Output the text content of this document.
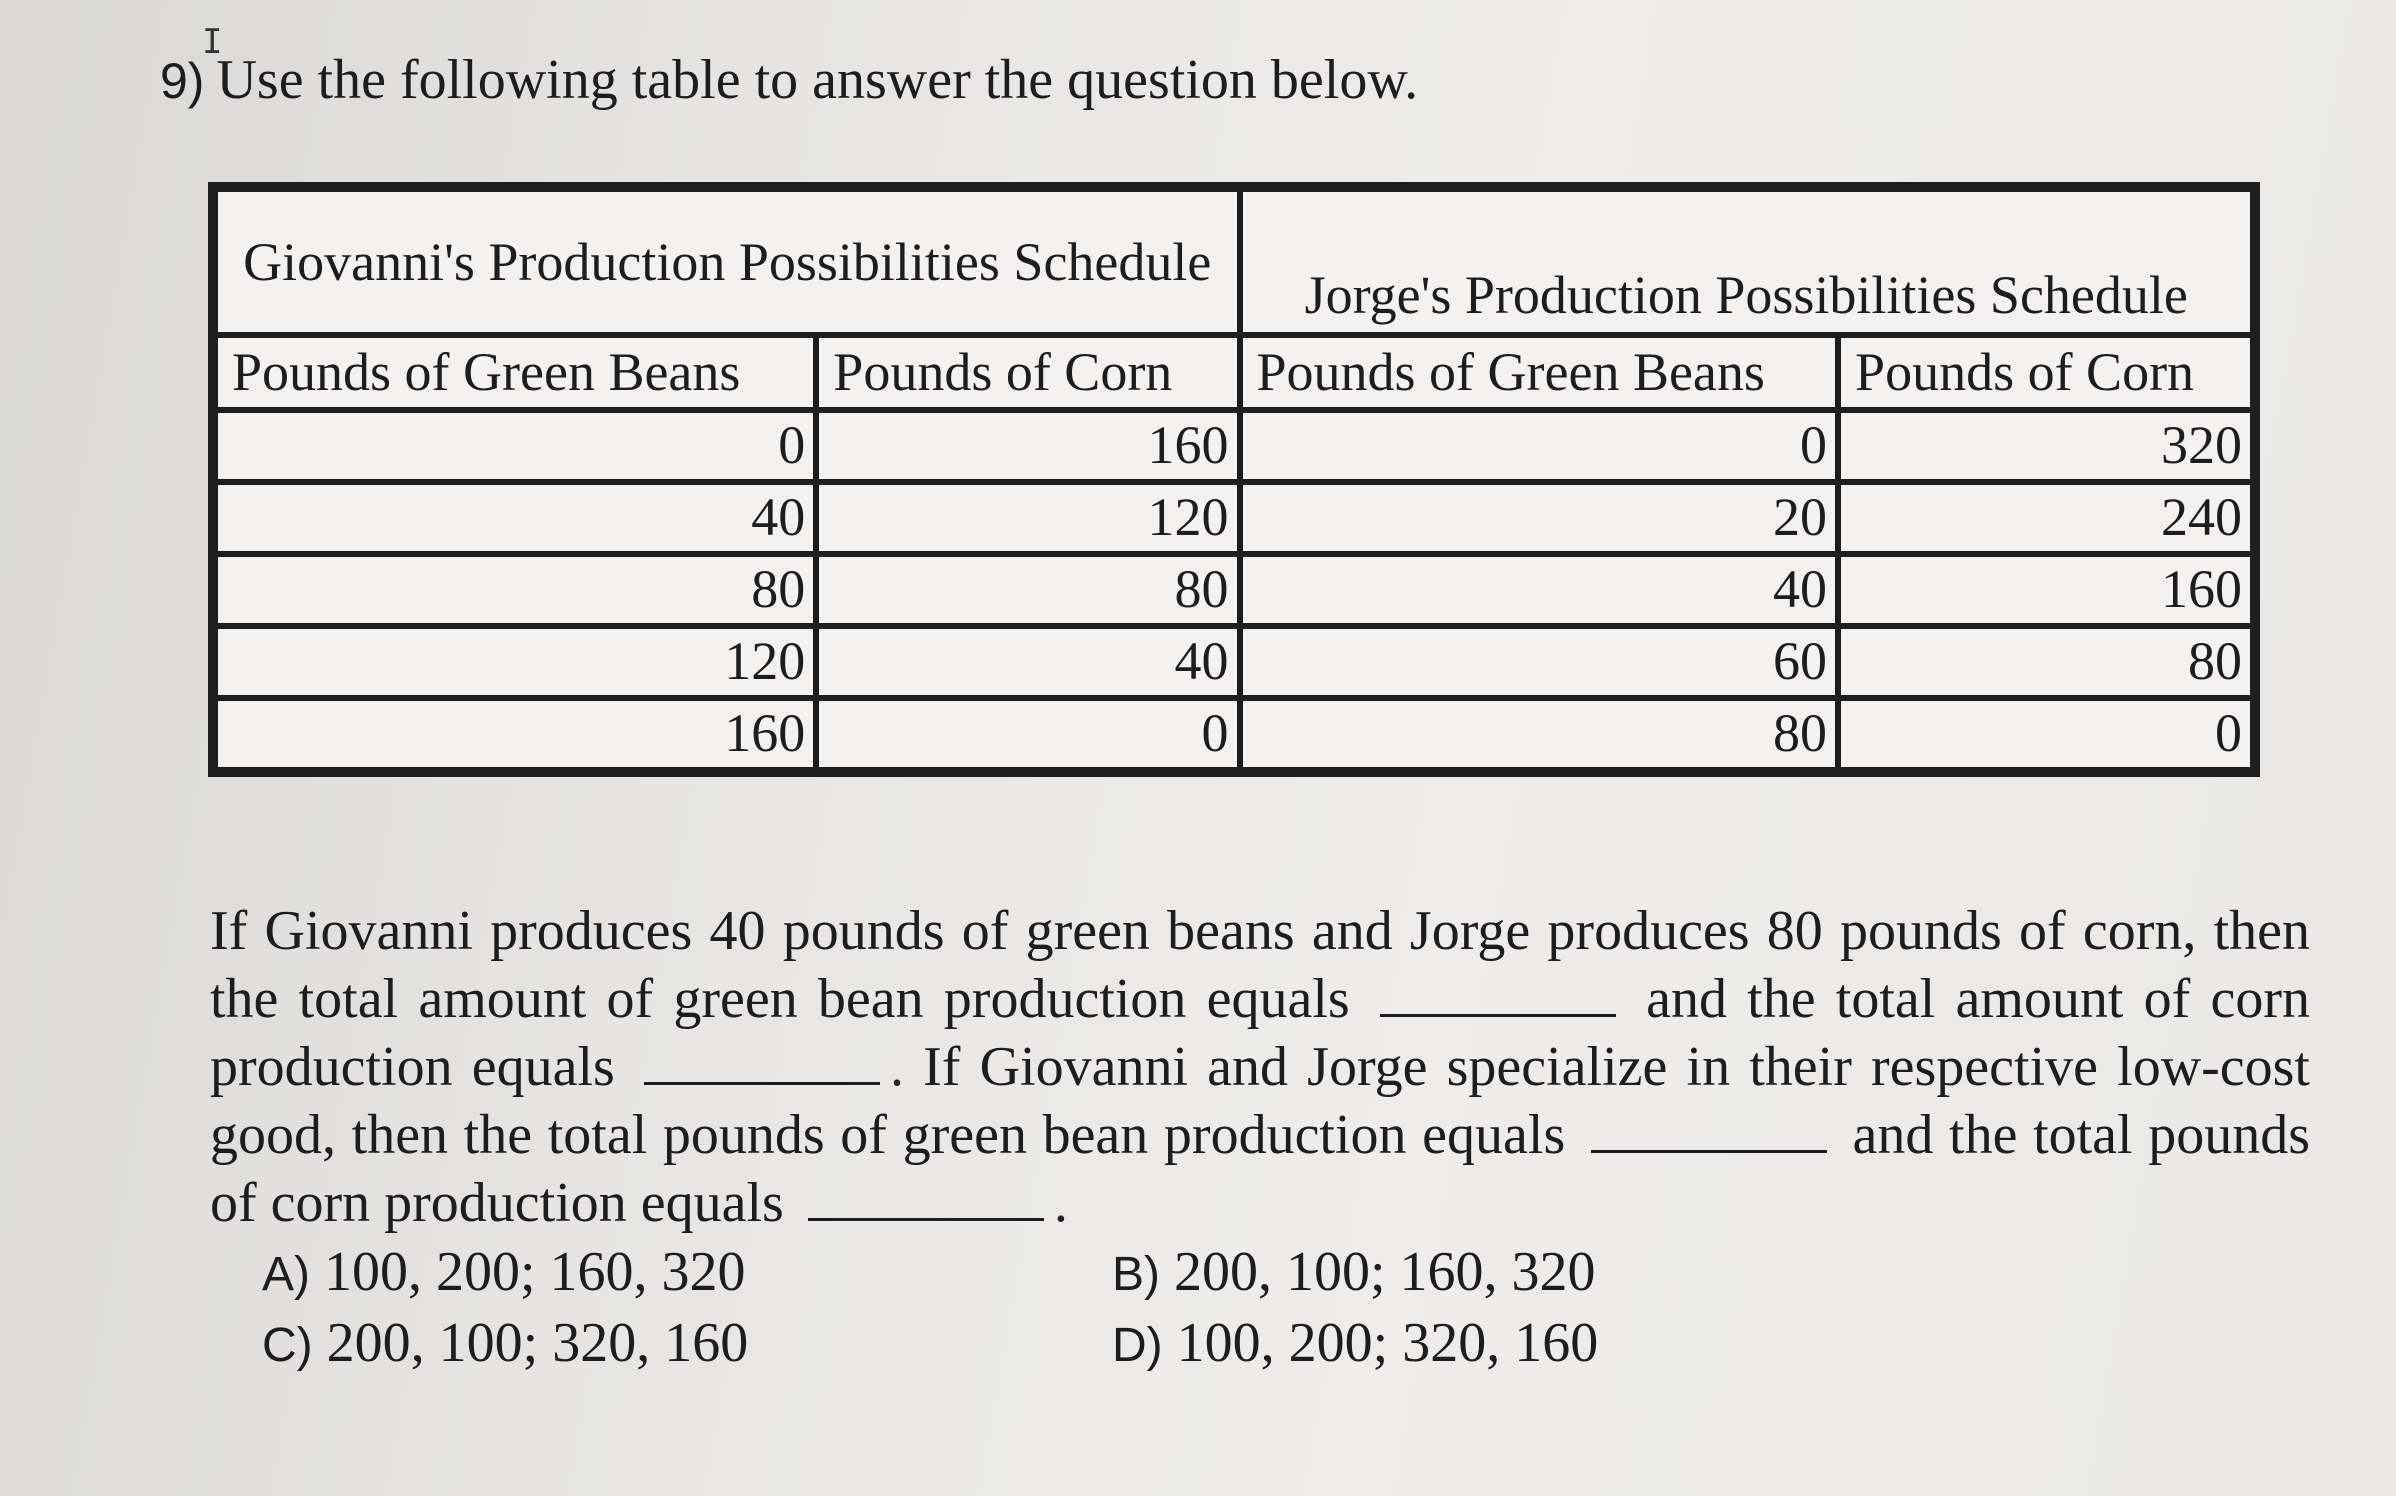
I
9) Use the following table to answer the question below.
Giovanni's Production Possibilities Schedule		Jorge's Production Possibilities Schedule	
Pounds of Green Beans	Pounds of Corn	Pounds of Green Beans	Pounds of Corn
0	160	0	320
40	120	20	240
80	80	40	160
120	40	60	80
160	0	80	0
If Giovanni produces 40 pounds of green beans and Jorge produces 80 pounds of corn, then the total amount of green bean production equals	and the total amount of corn production equals	. If Giovanni and Jorge specialize in their respective low-cost good, then the total pounds of green bean production equals	and the total pounds of corn production equals	.
A) 100, 200; 160, 320	B) 200, 100; 160, 320
C) 200, 100; 320, 160	D) 100, 200; 320, 160
